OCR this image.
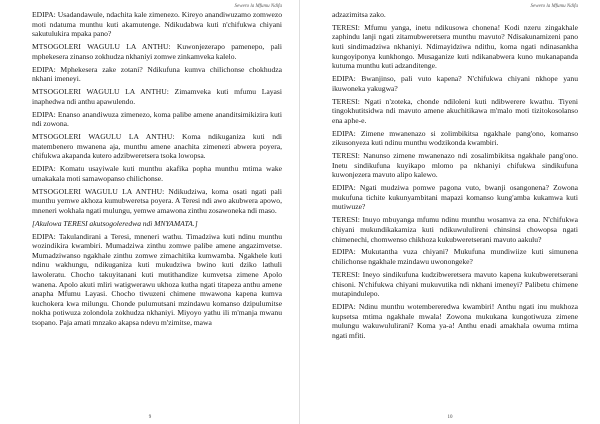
Sewero la Mfumu Ndifa

EDIPA: Usadandawule, ndachita kale zimenezo. Kireyo anandiwuzamo zomwezo moti ndatuma munthu kuti akamutenge. Ndikudabwa kuti n'chifukwa chiyani sakutulukira mpaka pano?

MTSOGOLERI WAGULU LA ANTHU: Kuwonjezerapo pamenepo, pali mphekesera zinanso zokhudza nkhaniyi zomwe zinkamveka kalelo.

EDIPA: Mphekesera zake zotani? Ndikufuna kumva chilichonse chokhudza nkhani imeneyi.

MTSOGOLERI WAGULU LA ANTHU: Zimamveka kuti mfumu Layasi inaphedwa ndi anthu apawulendo.

EDIPA: Enanso anandiwuza zimenezo, koma palibe amene ananditsimikizira kuti ndi zowona.

MTSOGOLERI WAGULU LA ANTHU: Koma ndikuganiza kuti ndi matembenero mwanena aja, munthu amene anachita zimenezi abwera poyera, chifukwa akapanda kutero adzibweretsera tsoka lowopsa.

EDIPA: Komatu usayiwale kuti munthu akafika popha munthu mtima wake umakakala moti samawopanso chilichonse.

MTSOGOLERI WAGULU LA ANTHU: Ndikudziwa, koma osati ngati pali munthu yemwe akhoza kumubweretsa poyera. A Teresi ndi awo akubwera apowo, mneneri wokhala ngati mulungu, yemwe amawona zinthu zosawoneka ndi maso.

[Akulowa TERESI akutsogoleredwa ndi MNYAMATA.]

EDIPA: Takulandirani a Teresi, mneneri wathu. Timadziwa kuti ndinu munthu wozindikira kwambiri. Mumadziwa zinthu zomwe palibe amene angazimvetse. Mumadziwanso ngakhale zinthu zomwe zimachitika kumwamba. Ngakhele kuti ndinu wakhungu, ndikuganiza kuti mukudziwa bwino kuti dziko lathuli lawoleratu. Chocho takuyitanani kuti mutithandize kumvetsa zimene Apolo wanena. Apolo akuti mliri watigwerawu ukhoza kutha ngati titapeza anthu amene anapha Mfumu Layasi. Chocho tiwuzeni chimene mwawona kapena kumva kuchokera kwa milungu. Chonde pulumutsani mzindawu komanso dzipulumitse nokha potiwuza zolondola zokhudza nkhaniyi. Miyoyo yathu ili m'manja mwanu tsopano. Paja amati mnzako akapsa ndevu m'zimitse, mawa

9
Sewero la Mfumu Ndifa

adzazimitsa zako.

TERESI: Mfumu yanga, inetu ndikusowa chonena! Kodi nzeru zingakhale zaphindu lanji ngati zitamubweretsera munthu mavuto? Ndisakunamizeni pano kuti sindimadziwa nkhaniyi. Ndimayidziwa ndithu, koma ngati ndinasankha kungoyiponya kunkhongo. Musaganize kuti ndikanabwera kuno mukanapanda kutuma munthu kuti adzanditenge.

EDIPA: Bwanjinso, pali vuto kapena? N'chifukwa chiyani nkhope yanu ikuwoneka yakugwa?

TERESI: Ngati n'zoteka, chonde ndiloleni kuti ndibwerere kwathu. Tiyeni tingokhutitsidwa ndi mavuto amene akuchitikawa m'malo moti tizitokosolanso ena aphe-e.

EDIPA: Zimene mwanenazo si zolimbikitsa ngakhale pang'ono, komanso zikusonyeza kuti ndinu munthu wodzikonda kwambiri.

TERESI: Nanunso zimene mwanenazo ndi zosalimbikitsa ngakhale pang'ono. Inetu sindikufuna kuyikapo mlomo pa nkhaniyi chifukwa sindikufuna kuwonjezera mavuto alipo kalewo.

EDIPA: Ngati mudziwa pomwe pagona vuto, bwanji osangonena? Zowona mukufuna tichite kukunyambitani mapazi komanso kung'amba kukamwa kuti mutiwuze?

TERESI: Inuyo mbuyanga mfumu ndinu munthu wosamva za ena. N'chifukwa chiyani mukundikakamiza kuti ndikuwululireni chinsinsi chowopsa ngati chimenechi, chomwenso chikhoza kukubweretserani mavuto aakulu?

EDIPA: Mukutantha vuza chiyani? Mukufuna mundiwiize kuti simunena chilichonse ngakhale mzindawu uwonongeke?

TERESI: Ineyo sindikufuna kudzibweretsera mavuto kapena kukubweretserani chisoni. N'chifukwa chiyani mukuvutika ndi nkhani imeneyi? Palibetu chimene mutapindulepo.

EDIPA: Ndinu munthu wotembereredwa kwambiri! Anthu ngati inu mukhoza kupsetsa mtima ngakhale mwala! Zowona mukukana kungotiwuza zimene mulungu wakuwululirani? Koma ya-a! Anthu enadi amakhala owuma mtima ngati mfiti.

10
